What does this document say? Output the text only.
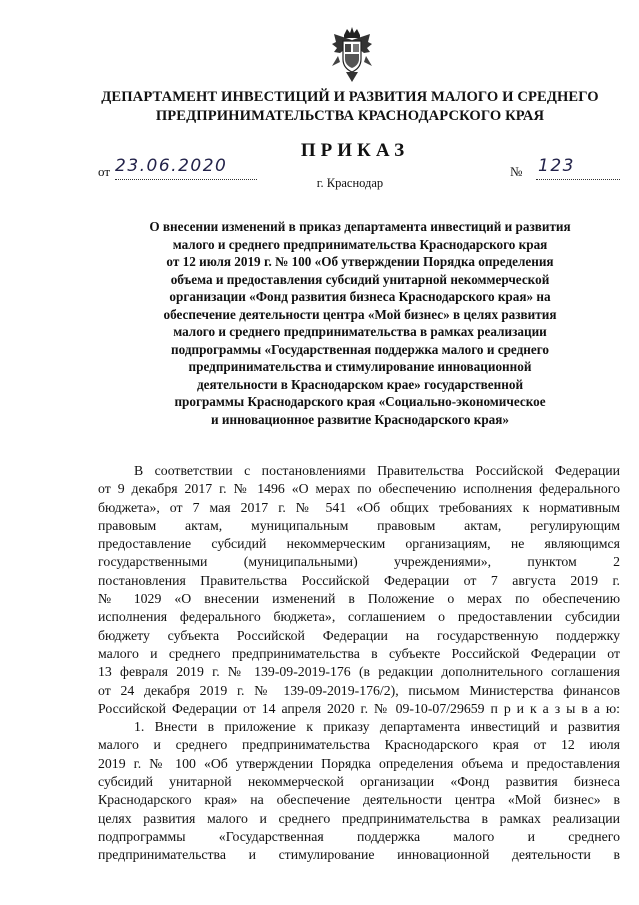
ДЕПАРТАМЕНТ ИНВЕСТИЦИЙ И РАЗВИТИЯ МАЛОГО И СРЕДНЕГО
ПРЕДПРИНИМАТЕЛЬСТВА КРАСНОДАРСКОГО КРАЯ
ПРИКАЗ
от 23.06.2020	№ 123
г. Краснодар
О внесении изменений в приказ департамента инвестиций и развития
малого и среднего предпринимательства Краснодарского края
от 12 июля 2019 г. № 100 «Об утверждении Порядка определения
объема и предоставления субсидий унитарной некоммерческой
организации «Фонд развития бизнеса Краснодарского края» на
обеспечение деятельности центра «Мой бизнес» в целях развития
малого и среднего предпринимательства в рамках реализации
подпрограммы «Государственная поддержка малого и среднего
предпринимательства и стимулирование инновационной
деятельности в Краснодарском крае» государственной
программы Краснодарского края «Социально-экономическое
и инновационное развитие Краснодарского края»
В соответствии с постановлениями Правительства Российской Федерации
от 9 декабря 2017 г. № 1496 «О мерах по обеспечению исполнения федерального
бюджета», от 7 мая 2017 г. № 541 «Об общих требованиях к нормативным
правовым актам, муниципальным правовым актам, регулирующим
предоставление субсидий некоммерческим организациям, не являющимся
государственными (муниципальными) учреждениями», пунктом 2
постановления Правительства Российской Федерации от 7 августа 2019 г.
№ 1029 «О внесении изменений в Положение о мерах по обеспечению
исполнения федерального бюджета», соглашением о предоставлении субсидии
бюджету субъекта Российской Федерации на государственную поддержку
малого и среднего предпринимательства в субъекте Российской Федерации от
13 февраля 2019 г. № 139-09-2019-176 (в редакции дополнительного соглашения
от 24 декабря 2019 г. № 139-09-2019-176/2), письмом Министерства финансов
Российской Федерации от 14 апреля 2020 г. № 09-10-07/29659 п р и к а з ы в а ю:
1. Внести в приложение к приказу департамента инвестиций и развития
малого и среднего предпринимательства Краснодарского края от 12 июля
2019 г. № 100 «Об утверждении Порядка определения объема и предоставления
субсидий унитарной некоммерческой организации «Фонд развития бизнеса
Краснодарского края» на обеспечение деятельности центра «Мой бизнес» в
целях развития малого и среднего предпринимательства в рамках реализации
подпрограммы «Государственная поддержка малого и среднего
предпринимательства и стимулирование инновационной деятельности в
